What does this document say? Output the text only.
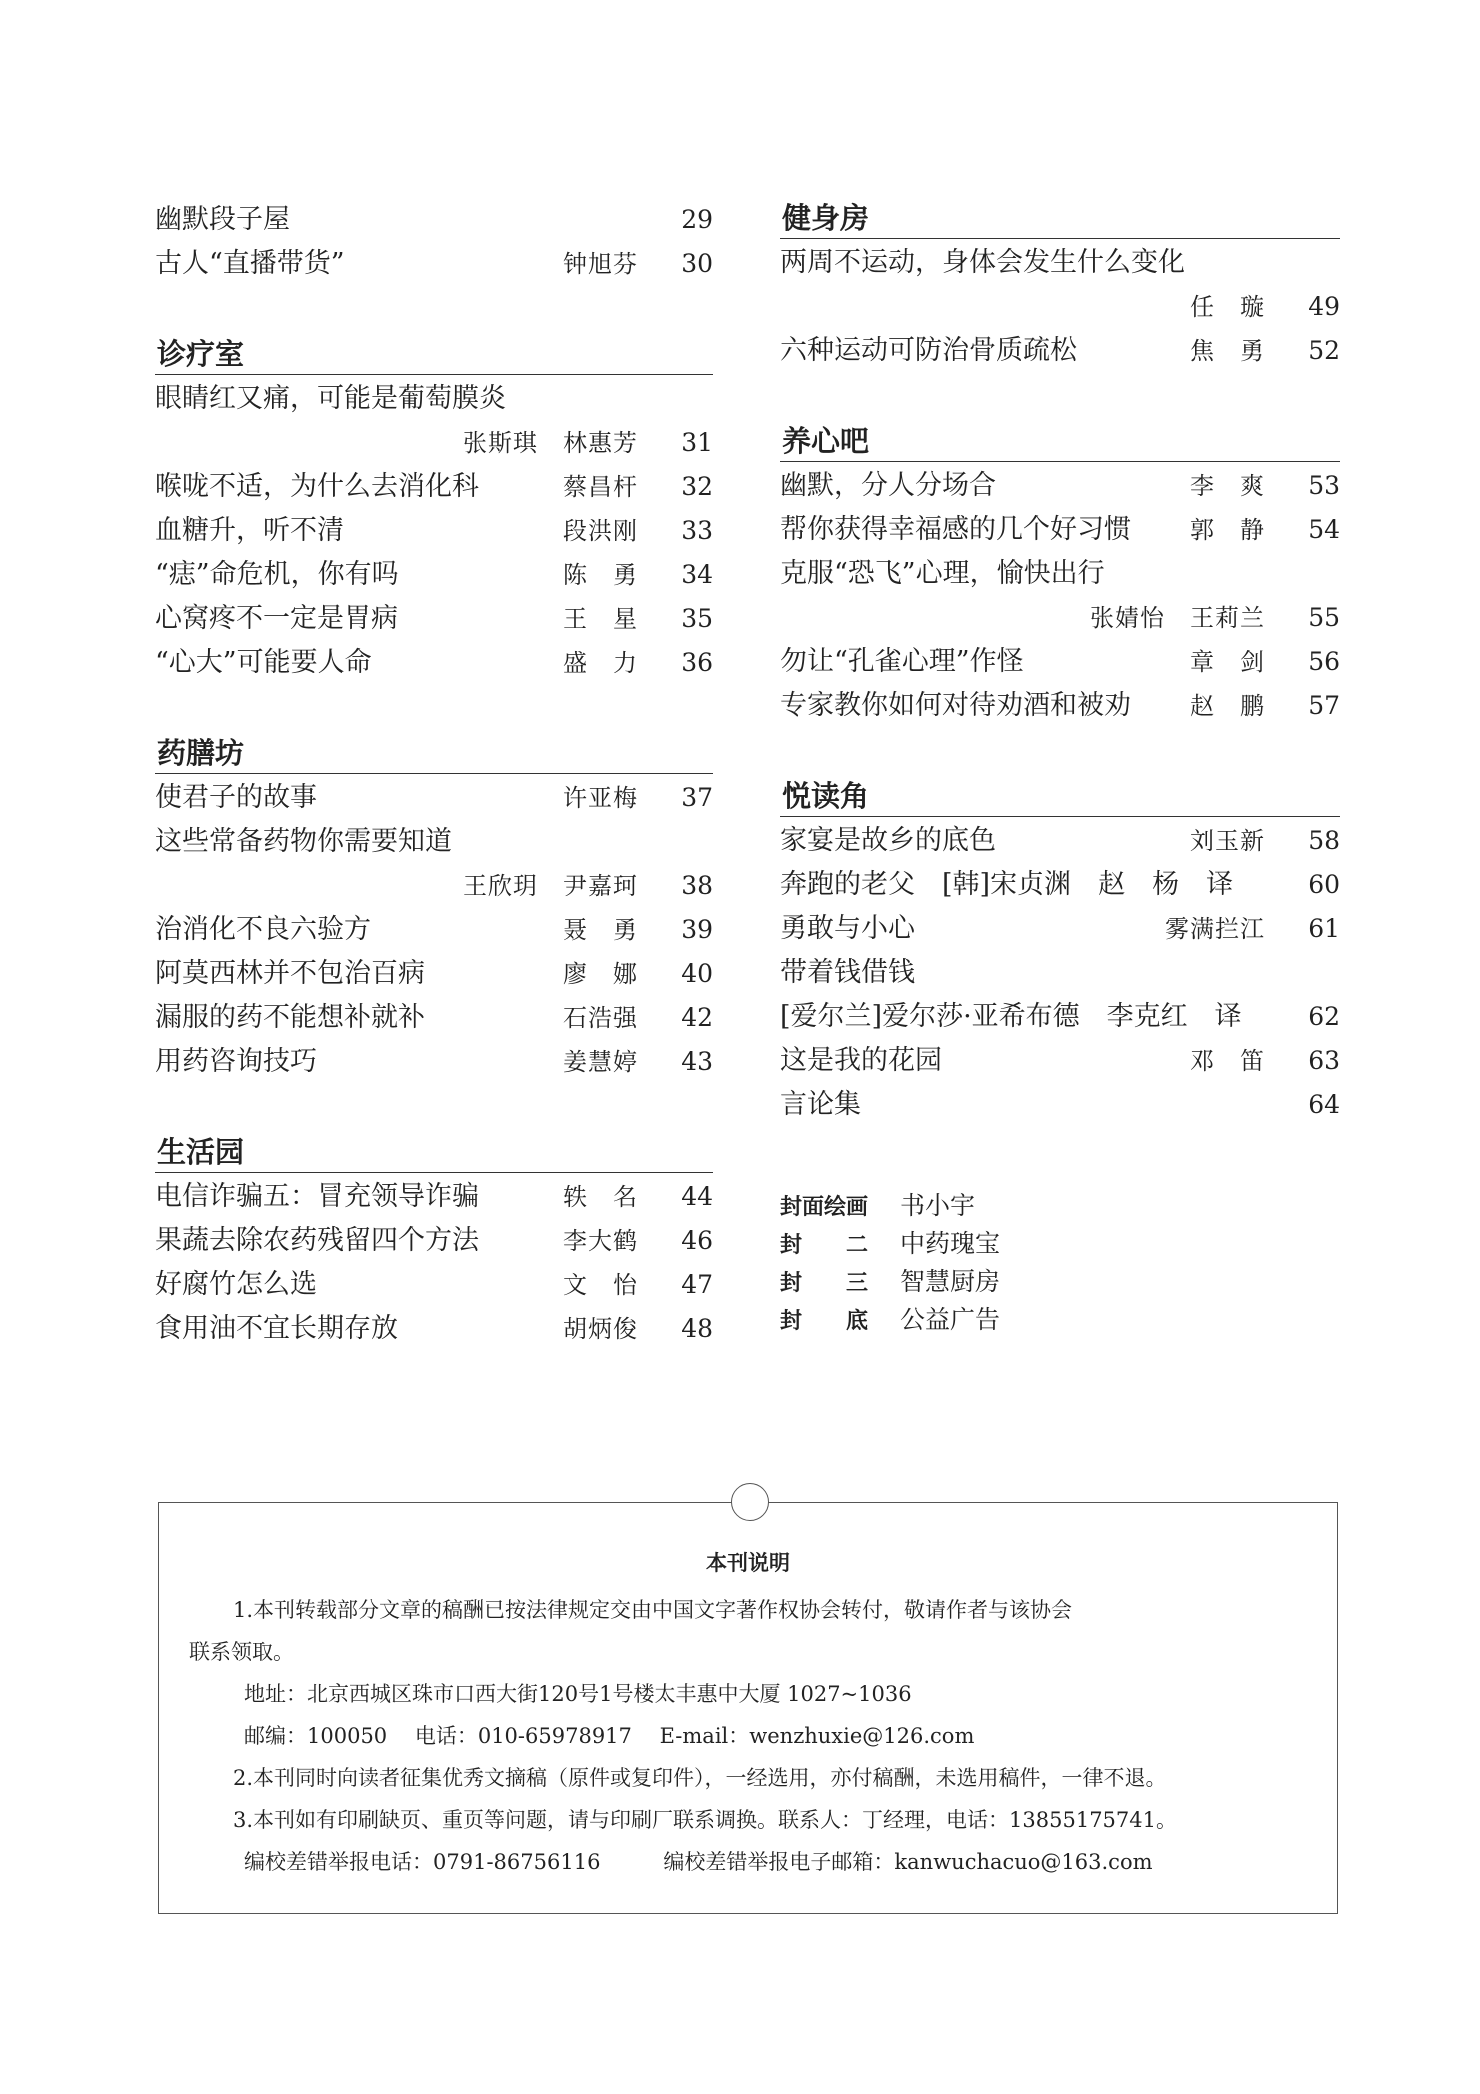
幽默段子屋	29
古人“直播带货”	钟旭芬 30
诊疗室
眼睛红又痛，可能是葡萄膜炎
张斯琪　林惠芳 31
喉咙不适，为什么去消化科	蔡昌杆 32
血糖升，听不清	段洪刚 33
“痣”命危机，你有吗	陈　勇 34
心窝疼不一定是胃病	王　星 35
“心大”可能要人命	盛　力 36
药膳坊
使君子的故事	许亚梅 37
这些常备药物你需要知道
王欣玥　尹嘉珂 38
治消化不良六验方	聂　勇 39
阿莫西林并不包治百病	廖　娜 40
漏服的药不能想补就补	石浩强 42
用药咨询技巧	姜慧婷 43
生活园
电信诈骗五：冒充领导诈骗	轶　名 44
果蔬去除农药残留四个方法	李大鹤 46
好腐竹怎么选	文　怡 47
食用油不宜长期存放	胡炳俊 48
健身房
两周不运动，身体会发生什么变化
任　璇 49
六种运动可防治骨质疏松	焦　勇 52
养心吧
幽默，分人分场合	李　爽 53
帮你获得幸福感的几个好习惯 郭　静 54
克服“恐飞”心理，愉快出行
张婧怡　王莉兰 55
勿让“孔雀心理”作怪	章　剑 56
专家教你如何对待劝酒和被劝 赵　鹏 57
悦读角
家宴是故乡的底色	刘玉新 58
奔跑的老父　[韩]宋贞渊　赵　杨　译	60
勇敢与小心	雾满拦江 61
带着钱借钱
[爱尔兰]爱尔莎·亚希布德　李克红　译	62
这是我的花园	邓　笛 63
言论集	64
封面绘画 书小宇
封　　二 中药瑰宝
封　　三 智慧厨房
封　　底 公益广告
本刊说明

1.本刊转载部分文章的稿酬已按法律规定交由中国文字著作权协会转付，敬请作者与该协会

联系领取。

地址：北京西城区珠市口西大街120号1号楼太丰惠中大厦 1027~1036

邮编：100050　 电话：010-65978917　 E-mail：wenzhuxie@126.com

2.本刊同时向读者征集优秀文摘稿（原件或复印件），一经选用，亦付稿酬，未选用稿件，一律不退。

3.本刊如有印刷缺页、重页等问题，请与印刷厂联系调换。联系人：丁经理，电话：13855175741。

编校差错举报电话：0791-86756116　　　编校差错举报电子邮箱：kanwuchacuo@163.com
